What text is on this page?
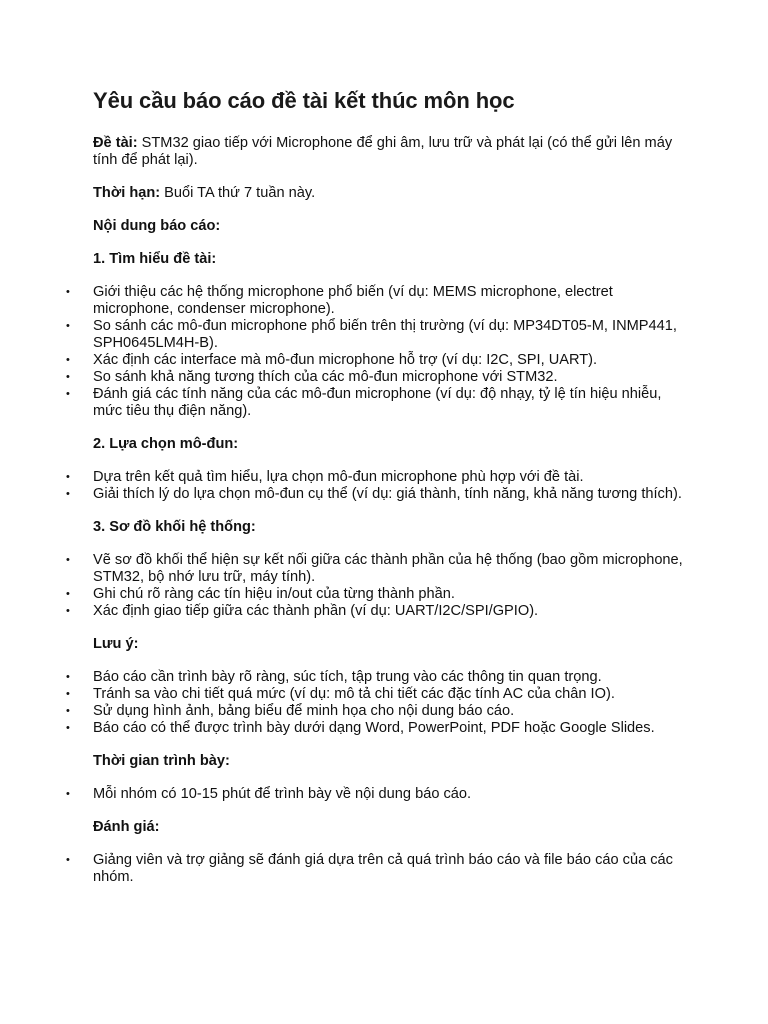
Yêu cầu báo cáo đề tài kết thúc môn học

Đề tài: STM32 giao tiếp với Microphone để ghi âm, lưu trữ và phát lại (có thể gửi lên máy tính để phát lại).

Thời hạn: Buổi TA thứ 7 tuần này.

Nội dung báo cáo:
1. Tìm hiểu đề tài:
• Giới thiệu các hệ thống microphone phổ biến (ví dụ: MEMS microphone, electret microphone, condenser microphone).
• So sánh các mô-đun microphone phổ biến trên thị trường (ví dụ: MP34DT05-M, INMP441, SPH0645LM4H-B).
• Xác định các interface mà mô-đun microphone hỗ trợ (ví dụ: I2C, SPI, UART).
• So sánh khả năng tương thích của các mô-đun microphone với STM32.
• Đánh giá các tính năng của các mô-đun microphone (ví dụ: độ nhạy, tỷ lệ tín hiệu nhiễu, mức tiêu thụ điện năng).
2. Lựa chọn mô-đun:
• Dựa trên kết quả tìm hiểu, lựa chọn mô-đun microphone phù hợp với đề tài.
• Giải thích lý do lựa chọn mô-đun cụ thể (ví dụ: giá thành, tính năng, khả năng tương thích).
3. Sơ đồ khối hệ thống:
• Vẽ sơ đồ khối thể hiện sự kết nối giữa các thành phần của hệ thống (bao gồm microphone, STM32, bộ nhớ lưu trữ, máy tính).
• Ghi chú rõ ràng các tín hiệu in/out của từng thành phần.
• Xác định giao tiếp giữa các thành phần (ví dụ: UART/I2C/SPI/GPIO).
Lưu ý:
• Báo cáo cần trình bày rõ ràng, súc tích, tập trung vào các thông tin quan trọng.
• Tránh sa vào chi tiết quá mức (ví dụ: mô tả chi tiết các đặc tính AC của chân IO).
• Sử dụng hình ảnh, bảng biểu để minh họa cho nội dung báo cáo.
• Báo cáo có thể được trình bày dưới dạng Word, PowerPoint, PDF hoặc Google Slides.
Thời gian trình bày:
• Mỗi nhóm có 10-15 phút để trình bày về nội dung báo cáo.
Đánh giá:
• Giảng viên và trợ giảng sẽ đánh giá dựa trên cả quá trình báo cáo và file báo cáo của các nhóm.
